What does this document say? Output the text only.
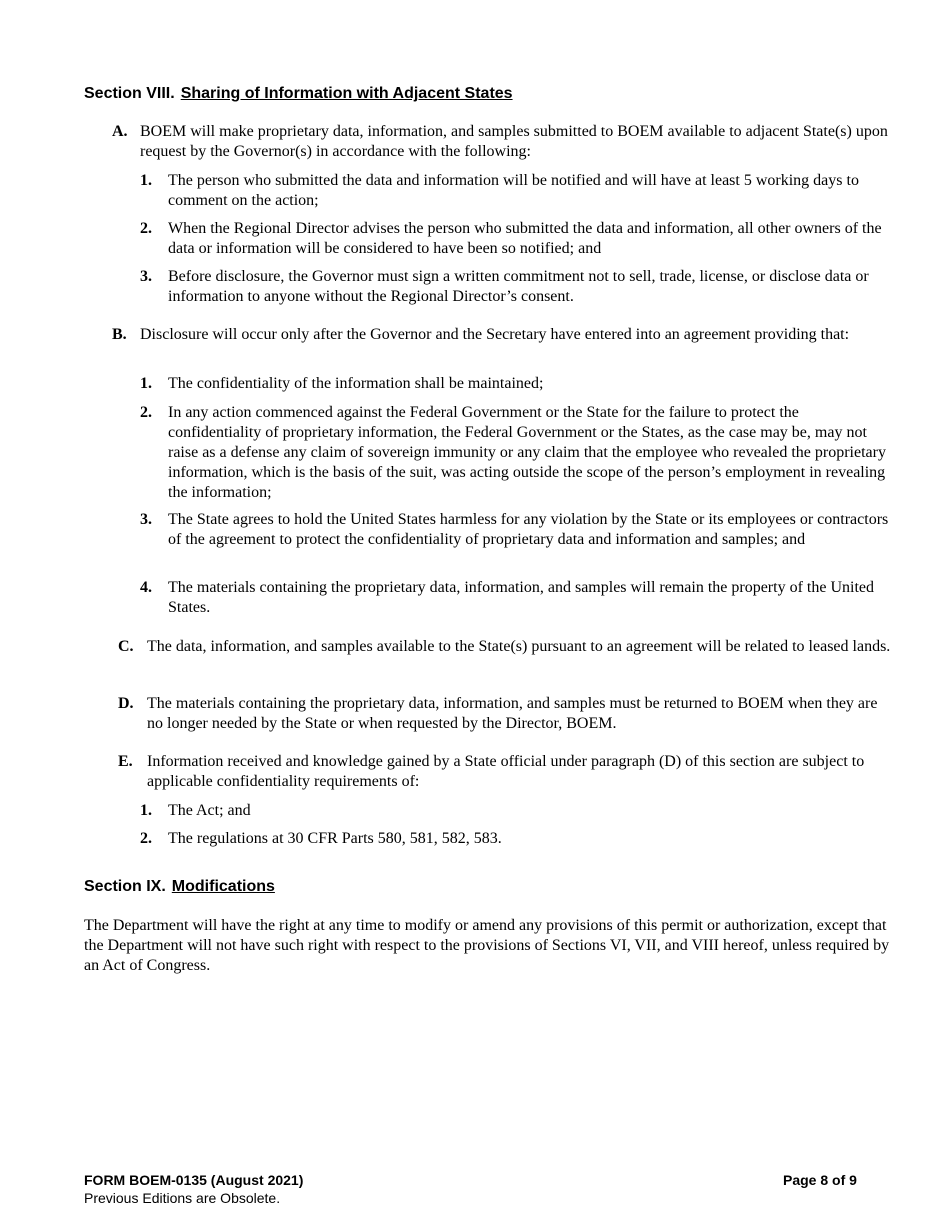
Section VIII. Sharing of Information with Adjacent States
A. BOEM will make proprietary data, information, and samples submitted to BOEM available to adjacent State(s) upon request by the Governor(s) in accordance with the following:
1. The person who submitted the data and information will be notified and will have at least 5 working days to comment on the action;
2. When the Regional Director advises the person who submitted the data and information, all other owners of the data or information will be considered to have been so notified; and
3. Before disclosure, the Governor must sign a written commitment not to sell, trade, license, or disclose data or information to anyone without the Regional Director’s consent.
B. Disclosure will occur only after the Governor and the Secretary have entered into an agreement providing that:
1. The confidentiality of the information shall be maintained;
2. In any action commenced against the Federal Government or the State for the failure to protect the confidentiality of proprietary information, the Federal Government or the States, as the case may be, may not raise as a defense any claim of sovereign immunity or any claim that the employee who revealed the proprietary information, which is the basis of the suit, was acting outside the scope of the person’s employment in revealing the information;
3. The State agrees to hold the United States harmless for any violation by the State or its employees or contractors of the agreement to protect the confidentiality of proprietary data and information and samples; and
4. The materials containing the proprietary data, information, and samples will remain the property of the United States.
C. The data, information, and samples available to the State(s) pursuant to an agreement will be related to leased lands.
D. The materials containing the proprietary data, information, and samples must be returned to BOEM when they are no longer needed by the State or when requested by the Director, BOEM.
E. Information received and knowledge gained by a State official under paragraph (D) of this section are subject to applicable confidentiality requirements of:
1. The Act; and
2. The regulations at 30 CFR Parts 580, 581, 582, 583.
Section IX. Modifications
The Department will have the right at any time to modify or amend any provisions of this permit or authorization, except that the Department will not have such right with respect to the provisions of Sections VI, VII, and VIII hereof, unless required by an Act of Congress.
FORM BOEM-0135 (August 2021)
Previous Editions are Obsolete.
Page 8 of 9
